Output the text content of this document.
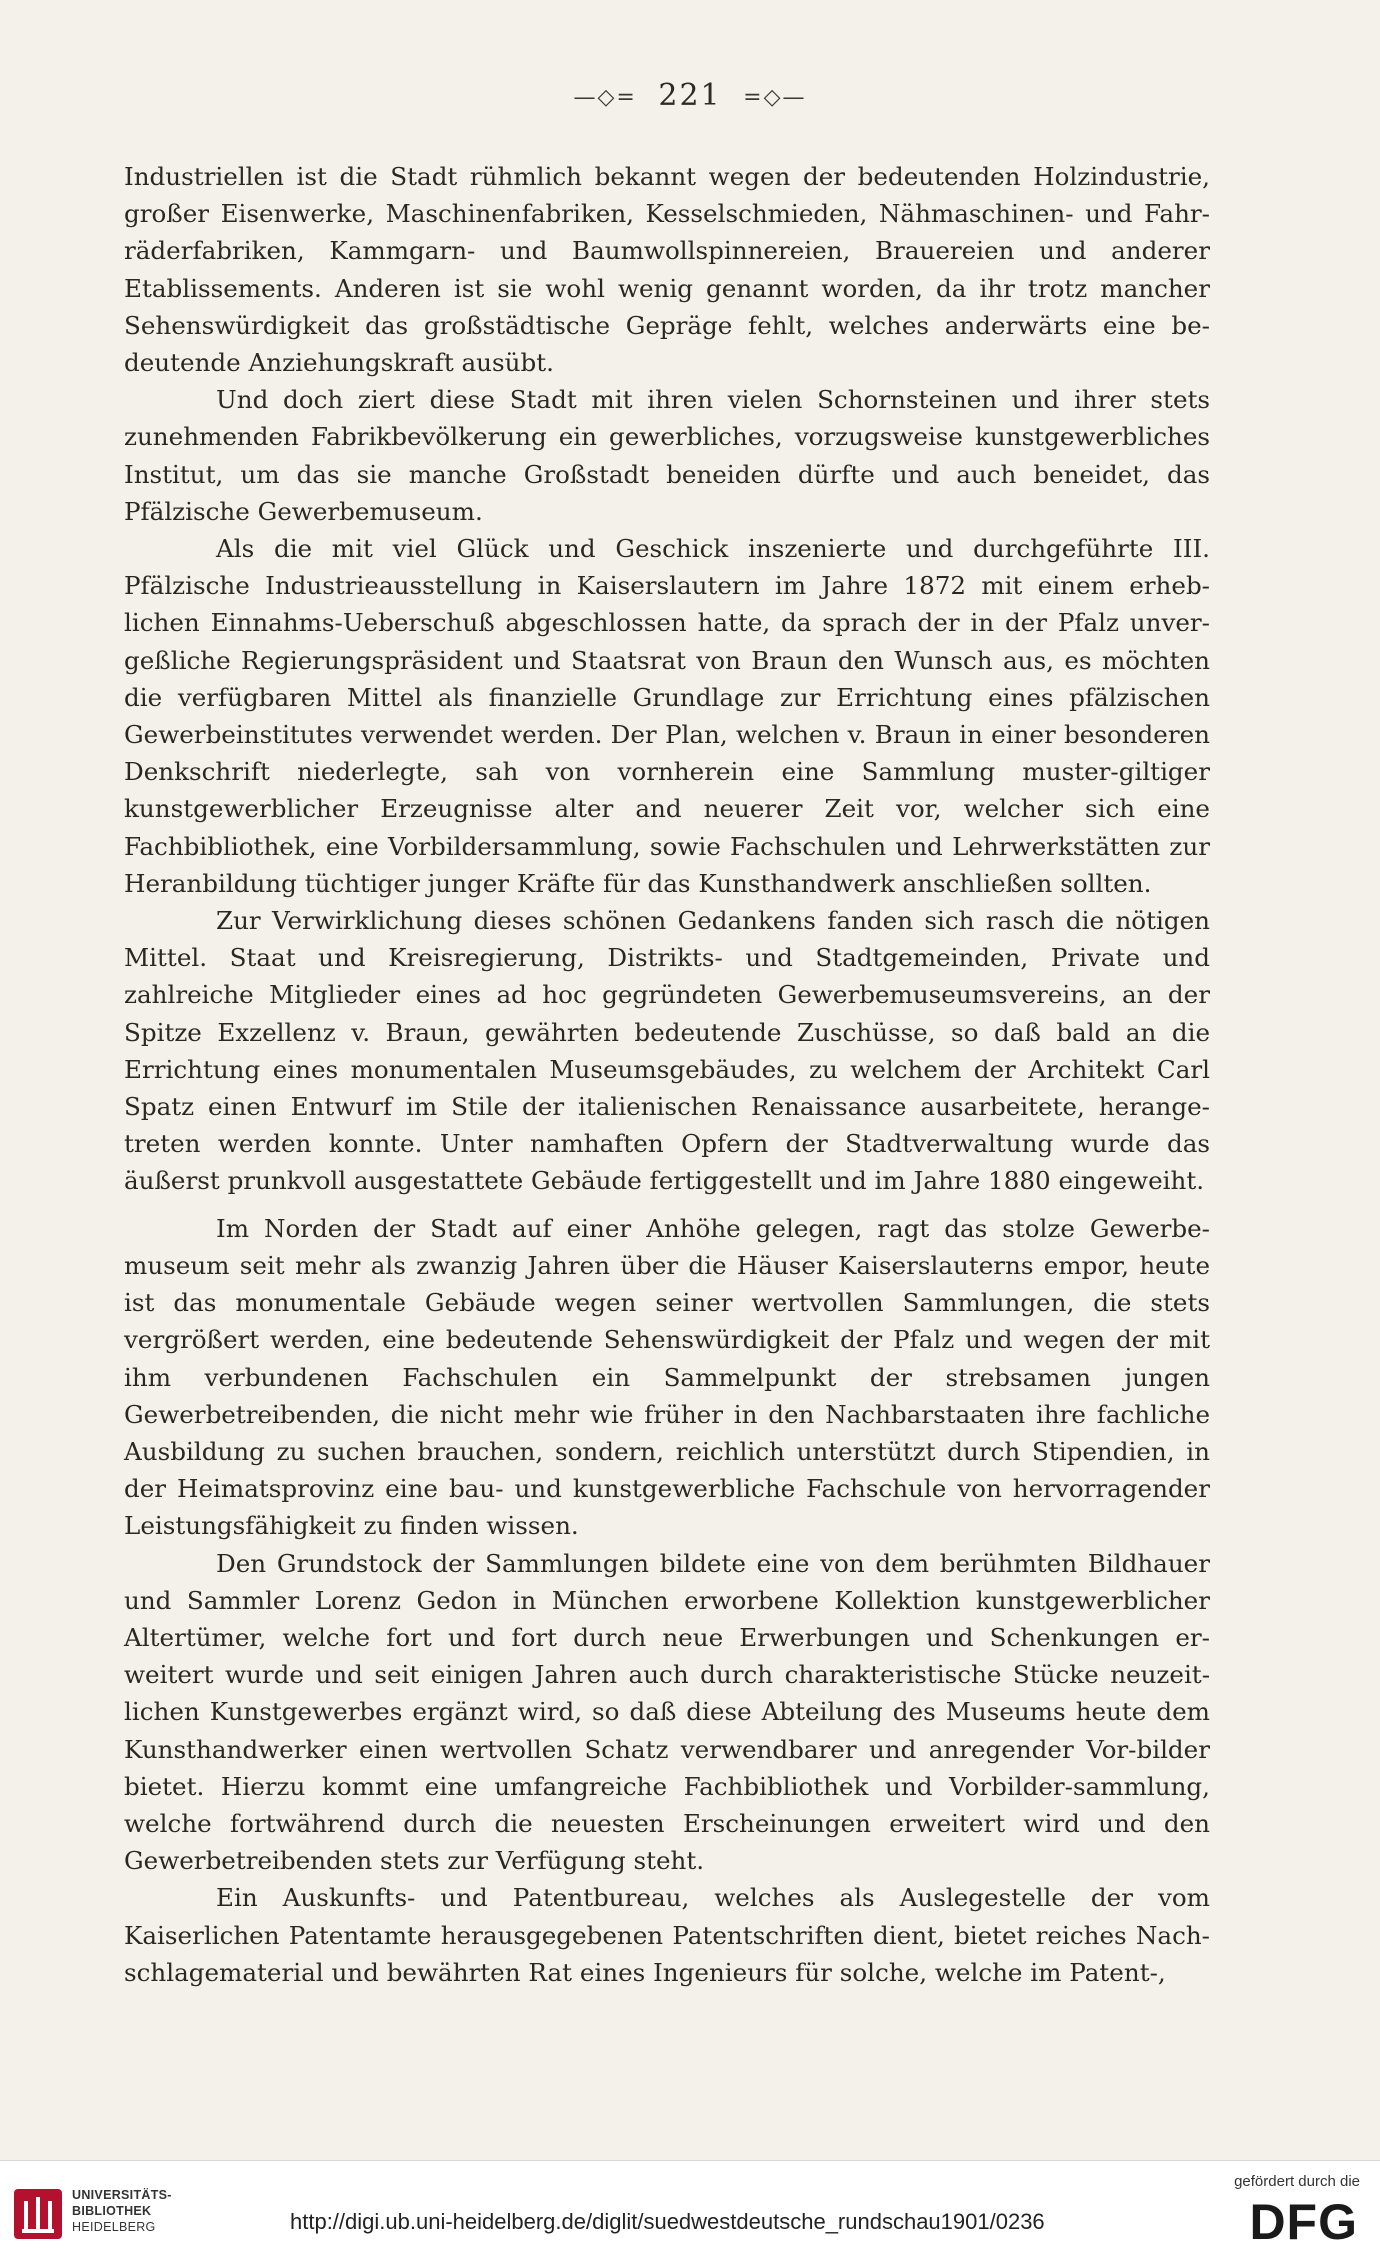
—◇= 221 =◇—

Industriellen ist die Stadt rühmlich bekannt wegen der bedeutenden Holzindustrie, großer Eisenwerke, Maschinenfabriken, Kesselschmieden, Nähmaschinen- und Fahr-räderfabriken, Kammgarn- und Baumwollspinnereien, Brauereien und anderer Etablissements. Anderen ist sie wohl wenig genannt worden, da ihr trotz mancher Sehenswürdigkeit das großstädtische Gepräge fehlt, welches anderwärts eine be-deutende Anziehungskraft ausübt.

Und doch ziert diese Stadt mit ihren vielen Schornsteinen und ihrer stets zunehmenden Fabrikbevölkerung ein gewerbliches, vorzugsweise kunstgewerbliches Institut, um das sie manche Großstadt beneiden dürfte und auch beneidet, das Pfälzische Gewerbemuseum.

Als die mit viel Glück und Geschick inszenierte und durchgeführte III. Pfälzische Industrieausstellung in Kaiserslautern im Jahre 1872 mit einem erheb-lichen Einnahms-Ueberschuß abgeschlossen hatte, da sprach der in der Pfalz unver-geßliche Regierungspräsident und Staatsrat von Braun den Wunsch aus, es möchten die verfügbaren Mittel als finanzielle Grundlage zur Errichtung eines pfälzischen Gewerbeinstitutes verwendet werden. Der Plan, welchen v. Braun in einer besonderen Denkschrift niederlegte, sah von vornherein eine Sammlung muster-giltiger kunstgewerblicher Erzeugnisse alter and neuerer Zeit vor, welcher sich eine Fachbibliothek, eine Vorbildersammlung, sowie Fachschulen und Lehrwerkstätten zur Heranbildung tüchtiger junger Kräfte für das Kunsthandwerk anschließen sollten.

Zur Verwirklichung dieses schönen Gedankens fanden sich rasch die nötigen Mittel. Staat und Kreisregierung, Distrikts- und Stadtgemeinden, Private und zahlreiche Mitglieder eines ad hoc gegründeten Gewerbemuseumsvereins, an der Spitze Exzellenz v. Braun, gewährten bedeutende Zuschüsse, so daß bald an die Errichtung eines monumentalen Museumsgebäudes, zu welchem der Architekt Carl Spatz einen Entwurf im Stile der italienischen Renaissance ausarbeitete, herange-treten werden konnte. Unter namhaften Opfern der Stadtverwaltung wurde das äußerst prunkvoll ausgestattete Gebäude fertiggestellt und im Jahre 1880 eingeweiht.

Im Norden der Stadt auf einer Anhöhe gelegen, ragt das stolze Gewerbe-museum seit mehr als zwanzig Jahren über die Häuser Kaiserslauterns empor, heute ist das monumentale Gebäude wegen seiner wertvollen Sammlungen, die stets vergrößert werden, eine bedeutende Sehenswürdigkeit der Pfalz und wegen der mit ihm verbundenen Fachschulen ein Sammelpunkt der strebsamen jungen Gewerbetreibenden, die nicht mehr wie früher in den Nachbarstaaten ihre fachliche Ausbildung zu suchen brauchen, sondern, reichlich unterstützt durch Stipendien, in der Heimatsprovinz eine bau- und kunstgewerbliche Fachschule von hervorragender Leistungsfähigkeit zu finden wissen.

Den Grundstock der Sammlungen bildete eine von dem berühmten Bildhauer und Sammler Lorenz Gedon in München erworbene Kollektion kunstgewerblicher Altertümer, welche fort und fort durch neue Erwerbungen und Schenkungen er-weitert wurde und seit einigen Jahren auch durch charakteristische Stücke neuzeit-lichen Kunstgewerbes ergänzt wird, so daß diese Abteilung des Museums heute dem Kunsthandwerker einen wertvollen Schatz verwendbarer und anregender Vor-bilder bietet. Hierzu kommt eine umfangreiche Fachbibliothek und Vorbilder-sammlung, welche fortwährend durch die neuesten Erscheinungen erweitert wird und den Gewerbetreibenden stets zur Verfügung steht.

Ein Auskunfts- und Patentbureau, welches als Auslegestelle der vom Kaiserlichen Patentamte herausgegebenen Patentschriften dient, bietet reiches Nach-schlagematerial und bewährten Rat eines Ingenieurs für solche, welche im Patent-,

UNIVERSITÄTS-
BIBLIOTHEK
HEIDELBERG	http://digi.ub.uni-heidelberg.de/diglit/suedwestdeutsche_rundschau1901/0236
gefördert durch die
DFG
